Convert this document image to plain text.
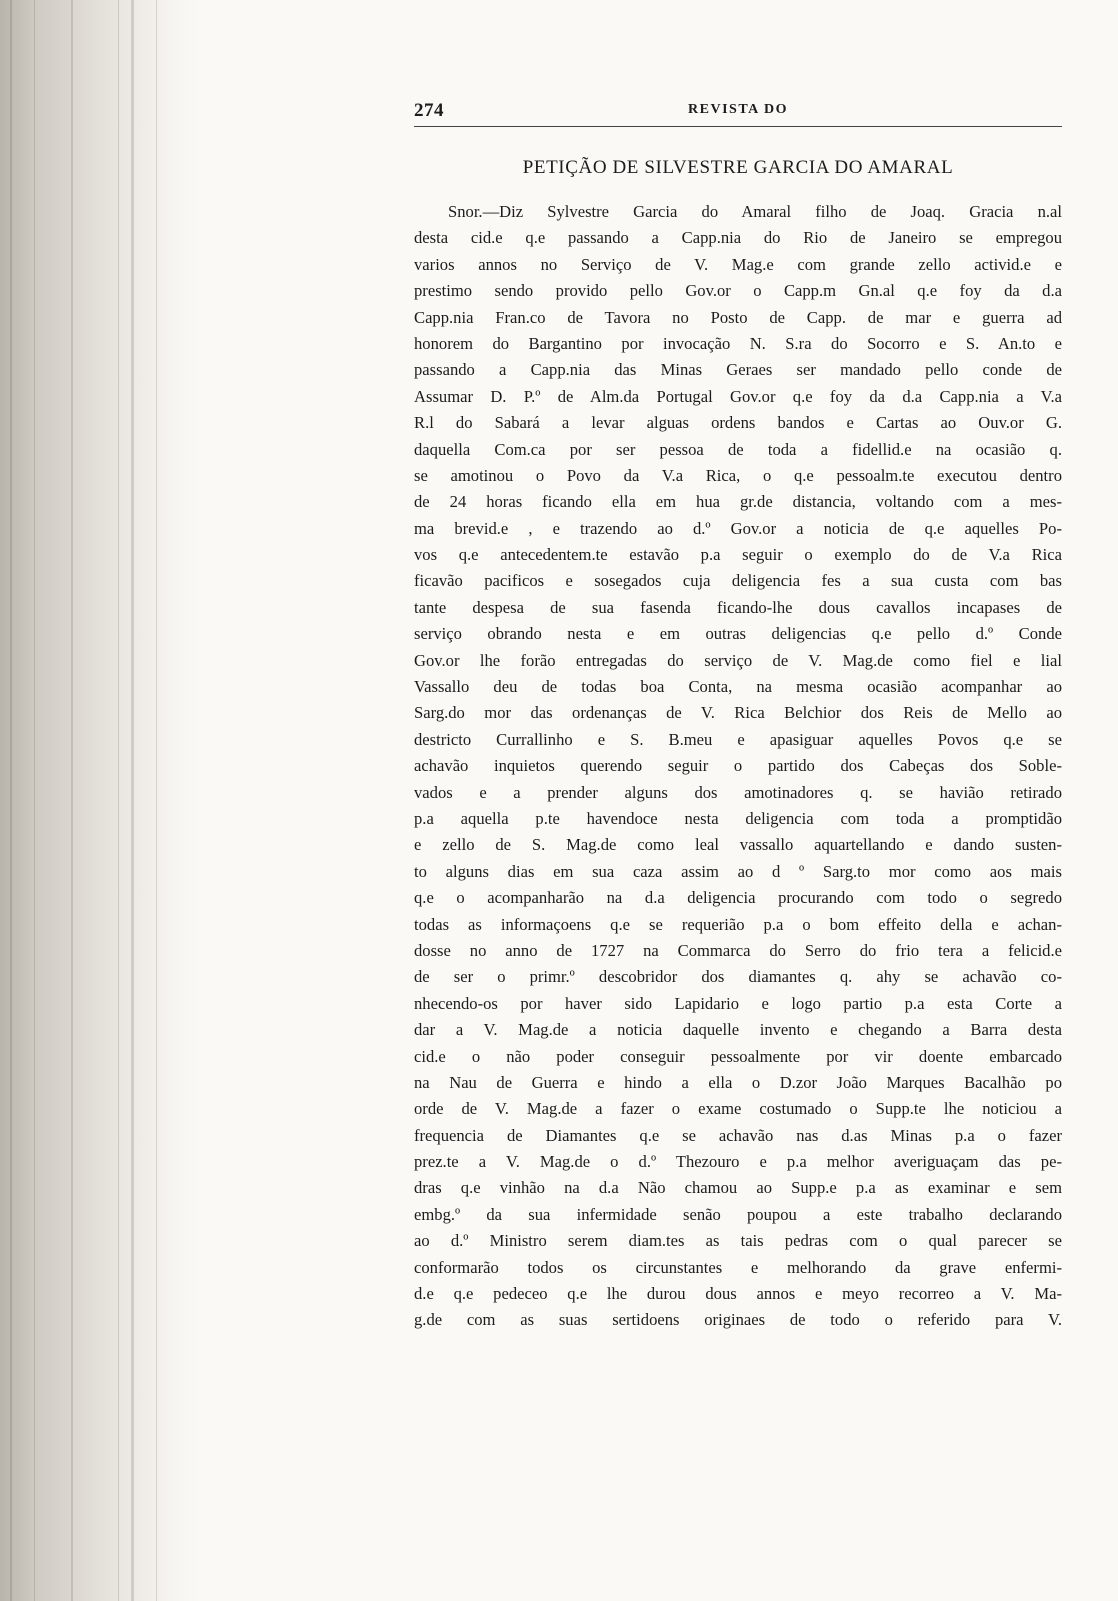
274	REVISTA DO
PETIÇÃO DE SILVESTRE GARCIA DO AMARAL
Snor.—Diz Sylvestre Garcia do Amaral filho de Joaq. Gracia n.al
desta cid.e q.e passando a Capp.nia do Rio de Janeiro se empregou
varios annos no Serviço de V. Mag.e com grande zello activid.e e
prestimo sendo provido pello Gov.or o Capp.m Gn.al q.e foy da d.a
Capp.nia Fran.co de Tavora no Posto de Capp. de mar e guerra ad
honorem do Bargantino por invocação N. S.ra do Socorro e S. An.to e
passando a Capp.nia das Minas Geraes ser mandado pello conde de
Assumar D. P.º de Alm.da Portugal Gov.or q.e foy da d.a Capp.nia a V.a
R.l do Sabará a levar alguas ordens bandos e Cartas ao Ouv.or G.
daquella Com.ca por ser pessoa de toda a fidellid.e na ocasião q.
se amotinou o Povo da V.a Rica, o q.e pessoalm.te executou dentro
de 24 horas ficando ella em hua gr.de distancia, voltando com a mes-
ma brevid.e , e trazendo ao d.º Gov.or a noticia de q.e aquelles Po-
vos q.e antecedentem.te estavão p.a seguir o exemplo do de V.a Rica
ficavão pacificos e sosegados cuja deligencia fes a sua custa com bas
tante despesa de sua fasenda ficando-lhe dous cavallos incapases de
serviço obrando nesta e em outras deligencias q.e pello d.º Conde
Gov.or lhe forão entregadas do serviço de V. Mag.de como fiel e lial
Vassallo deu de todas boa Conta, na mesma ocasião acompanhar ao
Sarg.do mor das ordenanças de V. Rica Belchior dos Reis de Mello ao
destricto Currallinho e S. B.meu e apasiguar aquelles Povos q.e se
achavão inquietos querendo seguir o partido dos Cabeças dos Soble-
vados e a prender alguns dos amotinadores q. se havião retirado
p.a aquella p.te havendoce nesta deligencia com toda a promptidão
e zello de S. Mag.de como leal vassallo aquartellando e dando susten-
to alguns dias em sua caza assim ao d º Sarg.to mor como aos mais
q.e o acompanharão na d.a deligencia procurando com todo o segredo
todas as informaçoens q.e se requerião p.a o bom effeito della e achan-
dosse no anno de 1727 na Commarca do Serro do frio tera a felicid.e
de ser o primr.º descobridor dos diamantes q. ahy se achavão co-
nhecendo-os por haver sido Lapidario e logo partio p.a esta Corte a
dar a V. Mag.de a noticia daquelle invento e chegando a Barra desta
cid.e o não poder conseguir pessoalmente por vir doente embarcado
na Nau de Guerra e hindo a ella o D.zor João Marques Bacalhão po
orde de V. Mag.de a fazer o exame costumado o Supp.te lhe noticiou a
frequencia de Diamantes q.e se achavão nas d.as Minas p.a o fazer
prez.te a V. Mag.de o d.º Thezouro e p.a melhor averiguaçam das pe-
dras q.e vinhão na d.a Não chamou ao Supp.e p.a as examinar e sem
embg.º da sua infermidade senão poupou a este trabalho declarando
ao d.º Ministro serem diam.tes as tais pedras com o qual parecer se
conformarão todos os circunstantes e melhorando da grave enfermi-
d.e q.e pedeceo q.e lhe durou dous annos e meyo recorreo a V. Ma-
g.de com as suas sertidoens originaes de todo o referido para V.
